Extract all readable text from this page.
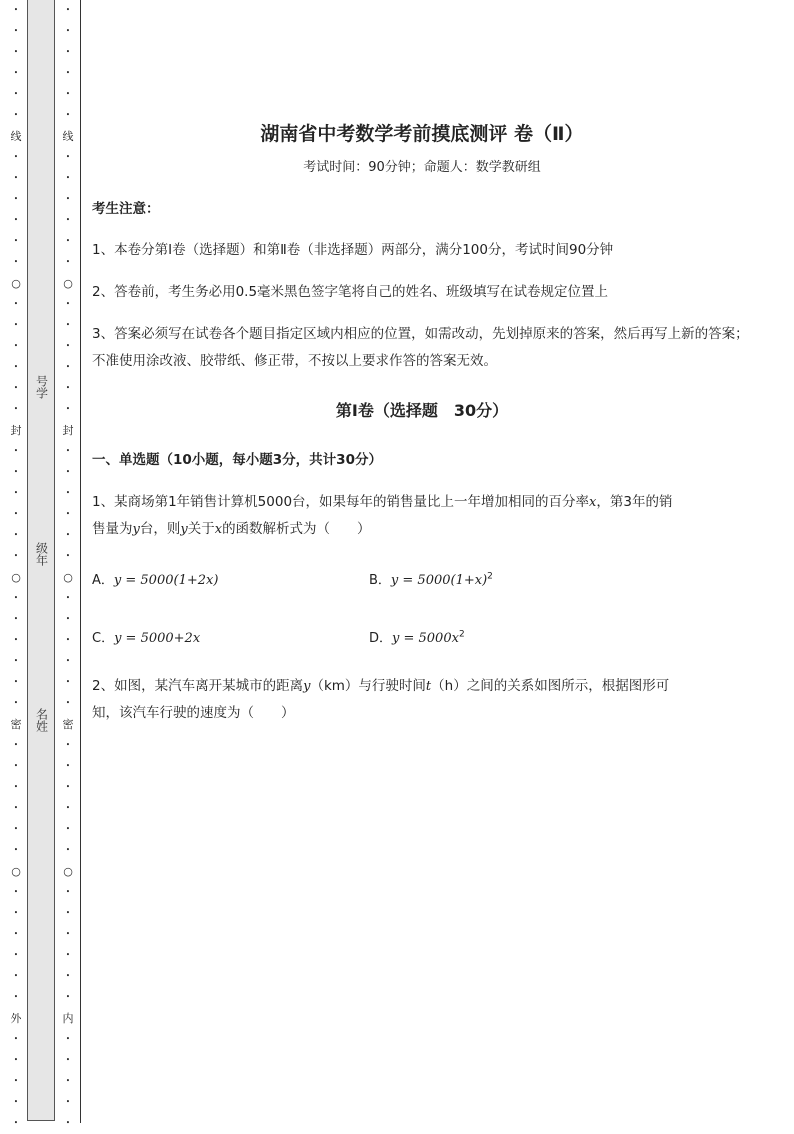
•
•
•
•
•
•
线
•
•
•
•
•
•
○
•
•
•
•
•
•
封
•
•
•
•
•
•
○
•
•
•
•
•
•
密
•
•
•
•
•
•
○
•
•
•
•
•
•
外
•
•
•
•
•
号学
级年
名姓
•
•
•
•
•
•
线
•
•
•
•
•
•
○
•
•
•
•
•
•
封
•
•
•
•
•
•
○
•
•
•
•
•
•
密
•
•
•
•
•
•
○
•
•
•
•
•
•
内
•
•
•
•
•
湖南省中考数学考前摸底测评 卷（Ⅱ）
考试时间：90分钟；命题人：数学教研组
考生注意：
1、本卷分第Ⅰ卷（选择题）和第Ⅱ卷（非选择题）两部分，满分100分，考试时间90分钟
2、答卷前，考生务必用0.5毫米黑色签字笔将自己的姓名、班级填写在试卷规定位置上
3、答案必须写在试卷各个题目指定区域内相应的位置，如需改动，先划掉原来的答案，然后再写上新的答案；不准使用涂改液、胶带纸、修正带，不按以上要求作答的答案无效。
第Ⅰ卷（选择题　30分）
一、单选题（10小题，每小题3分，共计30分）
1、某商场第1年销售计算机5000台，如果每年的销售量比上一年增加相同的百分率x，第3年的销
售量为y台，则y关于x的函数解析式为（　　）
A．y = 5000(1+2x)	B．$y = 5000(1+x)^2$
C．y = 5000+2x	D．$y = 5000x^2$
2、如图，某汽车离开某城市的距离y（km）与行驶时间t（h）之间的关系如图所示，根据图形可
知，该汽车行驶的速度为（　　）
